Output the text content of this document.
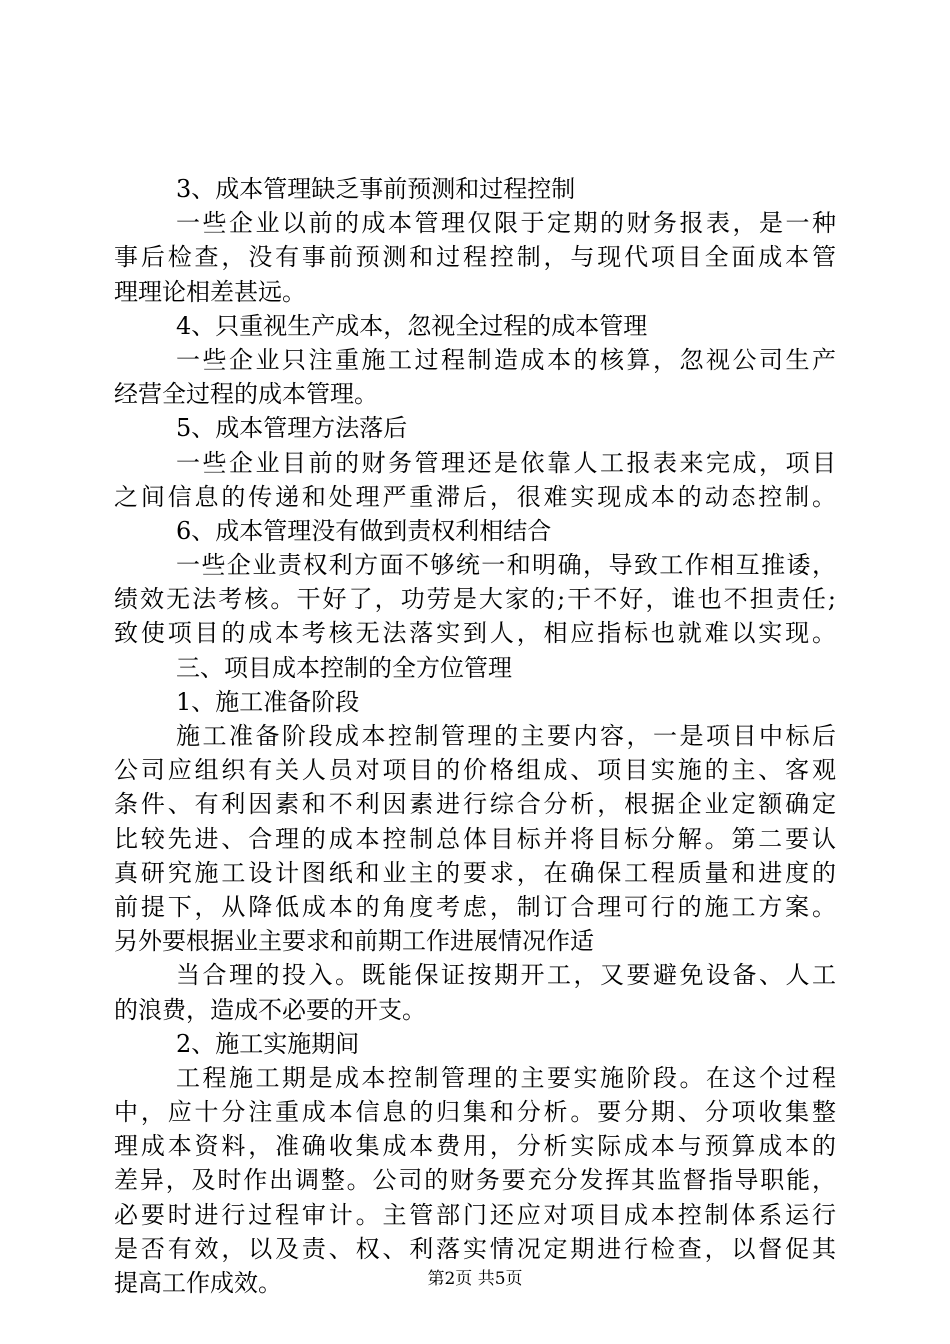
3、成本管理缺乏事前预测和过程控制
一些企业以前的成本管理仅限于定期的财务报表，是一种
事后检查，没有事前预测和过程控制，与现代项目全面成本管
理理论相差甚远。
4、只重视生产成本，忽视全过程的成本管理
一些企业只注重施工过程制造成本的核算，忽视公司生产
经营全过程的成本管理。
5、成本管理方法落后
一些企业目前的财务管理还是依靠人工报表来完成，项目
之间信息的传递和处理严重滞后，很难实现成本的动态控制。
6、成本管理没有做到责权利相结合
一些企业责权利方面不够统一和明确，导致工作相互推诿，
绩效无法考核。干好了，功劳是大家的;干不好，谁也不担责任;
致使项目的成本考核无法落实到人，相应指标也就难以实现。
三、项目成本控制的全方位管理
1、施工准备阶段
施工准备阶段成本控制管理的主要内容，一是项目中标后
公司应组织有关人员对项目的价格组成、项目实施的主、客观
条件、有利因素和不利因素进行综合分析，根据企业定额确定
比较先进、合理的成本控制总体目标并将目标分解。第二要认
真研究施工设计图纸和业主的要求，在确保工程质量和进度的
前提下，从降低成本的角度考虑，制订合理可行的施工方案。
另外要根据业主要求和前期工作进展情况作适
当合理的投入。既能保证按期开工，又要避免设备、人工
的浪费，造成不必要的开支。
2、施工实施期间
工程施工期是成本控制管理的主要实施阶段。在这个过程
中，应十分注重成本信息的归集和分析。要分期、分项收集整
理成本资料，准确收集成本费用，分析实际成本与预算成本的
差异，及时作出调整。公司的财务要充分发挥其监督指导职能，
必要时进行过程审计。主管部门还应对项目成本控制体系运行
是否有效，以及责、权、利落实情况定期进行检查，以督促其
提高工作成效。	第2页 共5页
